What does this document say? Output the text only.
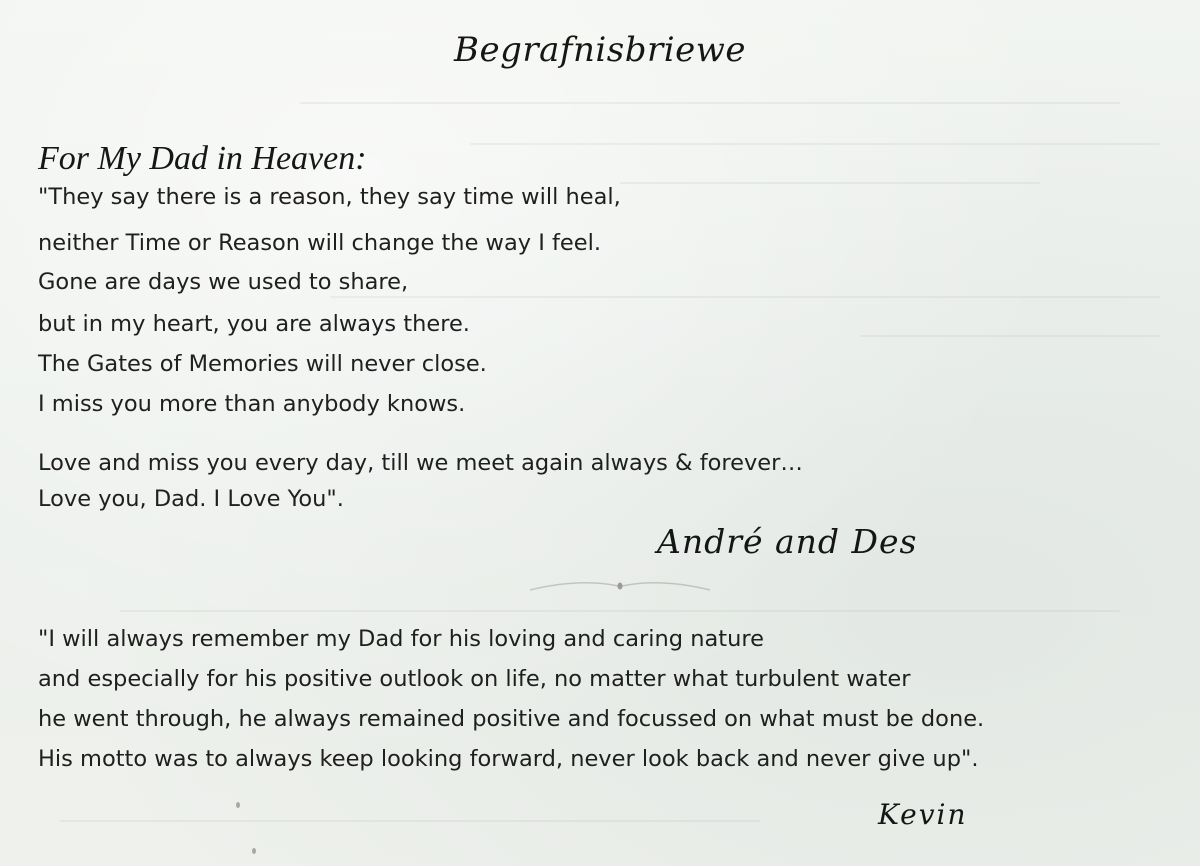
Begrafnisbriewe
For My Dad in Heaven:
"They say there is a reason, they say time will heal,
neither Time or Reason will change the way I feel.
Gone are days we used to share,
but in my heart, you are always there.
The Gates of Memories will never close.
I miss you more than anybody knows.
Love and miss you every day, till we meet again always & forever…
Love you, Dad. I Love You".
André and Des
"I will always remember my Dad for his loving and caring nature
and especially for his positive outlook on life, no matter what turbulent water
he went through, he always remained positive and focussed on what must be done.
His motto was to always keep looking forward, never look back and never give up".
Kevin
